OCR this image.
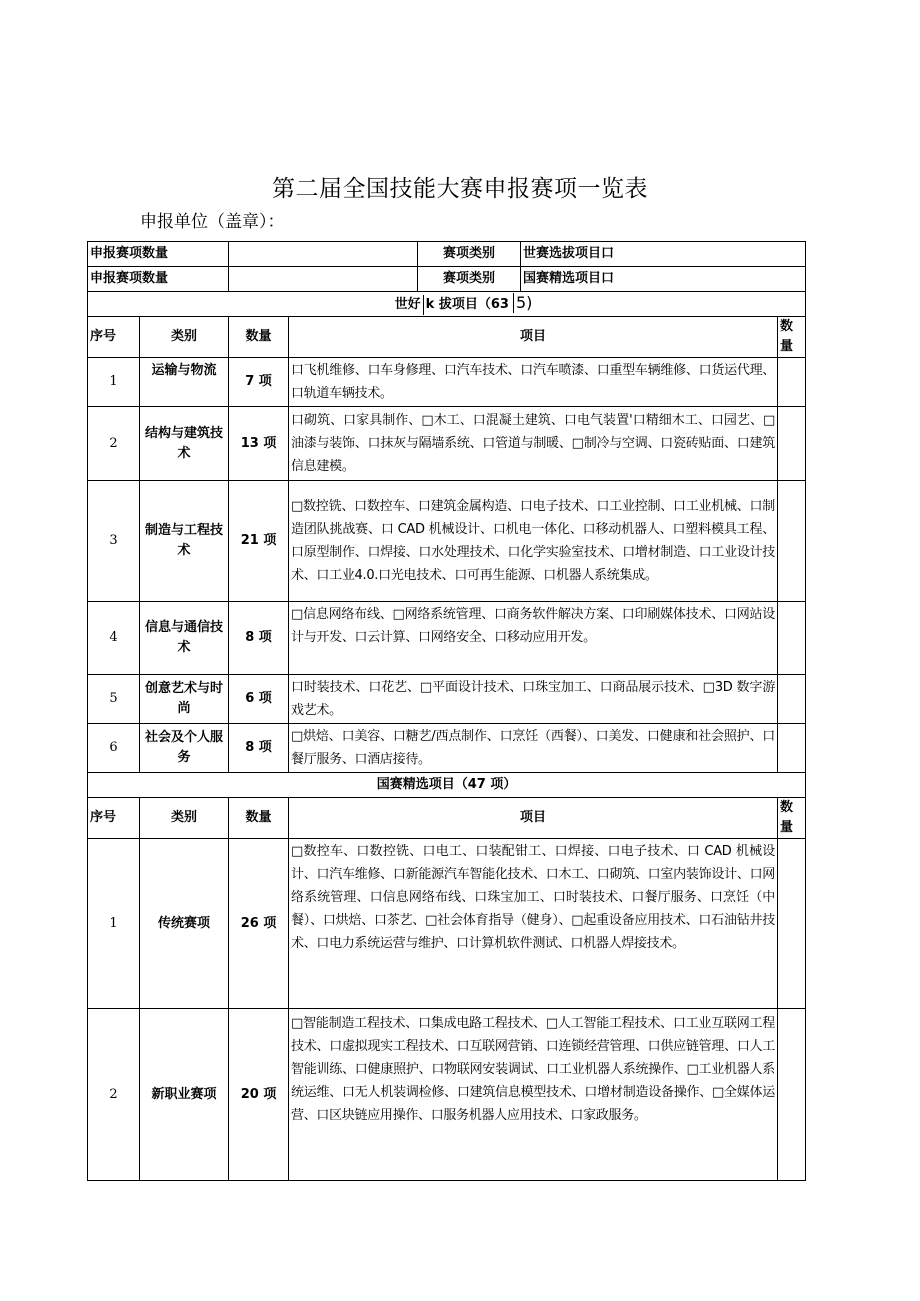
第二届全国技能大赛申报赛项一览表
申报单位（盖章）：
申报赛项数量				赛项类别	世赛选拔项目口	
申报赛项数量				赛项类别	国赛精选项目口	
世好 k 拔项目（63 5)						
序号	类别	数量	项目			数量
1	运输与物流	7 项	口飞机维修、口车身修理、口汽车技术、口汽车喷漆、口重型车辆维修、口货运代理、口轨道车辆技术。			
2	结构与建筑技术	13 项	口砌筑、口家具制作、□木工、口混凝土建筑、口电气装置'口精细木工、口园艺、□油漆与装饰、口抹灰与隔墙系统、口管道与制暖、□制冷与空调、口瓷砖贴面、口建筑信息建模。			
3	制造与工程技术	21 项	□数控铣、口数控车、口建筑金属构造、口电子技术、口工业控制、口工业机械、口制造团队挑战赛、口 CAD 机械设计、口机电一体化、口移动机器人、口塑料模具工程、口原型制作、口焊接、口水处理技术、口化学实验室技术、口增材制造、口工业设计技术、口工业4.0.口光电技术、口可再生能源、口机器人系统集成。			
4	信息与通信技术	8 项	□信息网络布线、□网络系统管理、口商务软件解决方案、口印刷媒体技术、口网站设计与开发、口云计算、口网络安全、口移动应用开发。			
5	创意艺术与时尚	6 项	口时装技术、口花艺、□平面设计技术、口珠宝加工、口商品展示技术、□3D 数字游戏艺术。			
6	社会及个人服务	8 项	□烘焙、口美容、口糖艺/西点制作、口烹饪（西餐）、口美发、口健康和社会照护、口餐厅服务、口酒店接待。			
国赛精选项目（47 项）						
序号	类别	数量	项目			数量
1	传统赛项	26 项	□数控车、口数控铣、口电工、口装配钳工、口焊接、口电子技术、口 CAD 机械设计、口汽车维修、口新能源汽车智能化技术、口木工、口砌筑、口室内装饰设计、口网络系统管理、口信息网络布线、口珠宝加工、口时装技术、口餐厅服务、口烹饪（中餐）、口烘焙、口茶艺、□社会体育指导（健身）、□起重设备应用技术、口石油钻井技术、口电力系统运营与维护、口计算机软件测试、口机器人焊接技术。			
2	新职业赛项	20 项	□智能制造工程技术、口集成电路工程技术、□人工智能工程技术、口工业互联网工程技术、口虚拟现实工程技术、口互联网营销、口连锁经营管理、口供应链管理、口人工智能训练、口健康照护、口物联网安装调试、口工业机器人系统操作、□工业机器人系统运维、口无人机装调检修、口建筑信息模型技术、口增材制造设备操作、□全媒体运营、口区块链应用操作、口服务机器人应用技术、口家政服务。			
